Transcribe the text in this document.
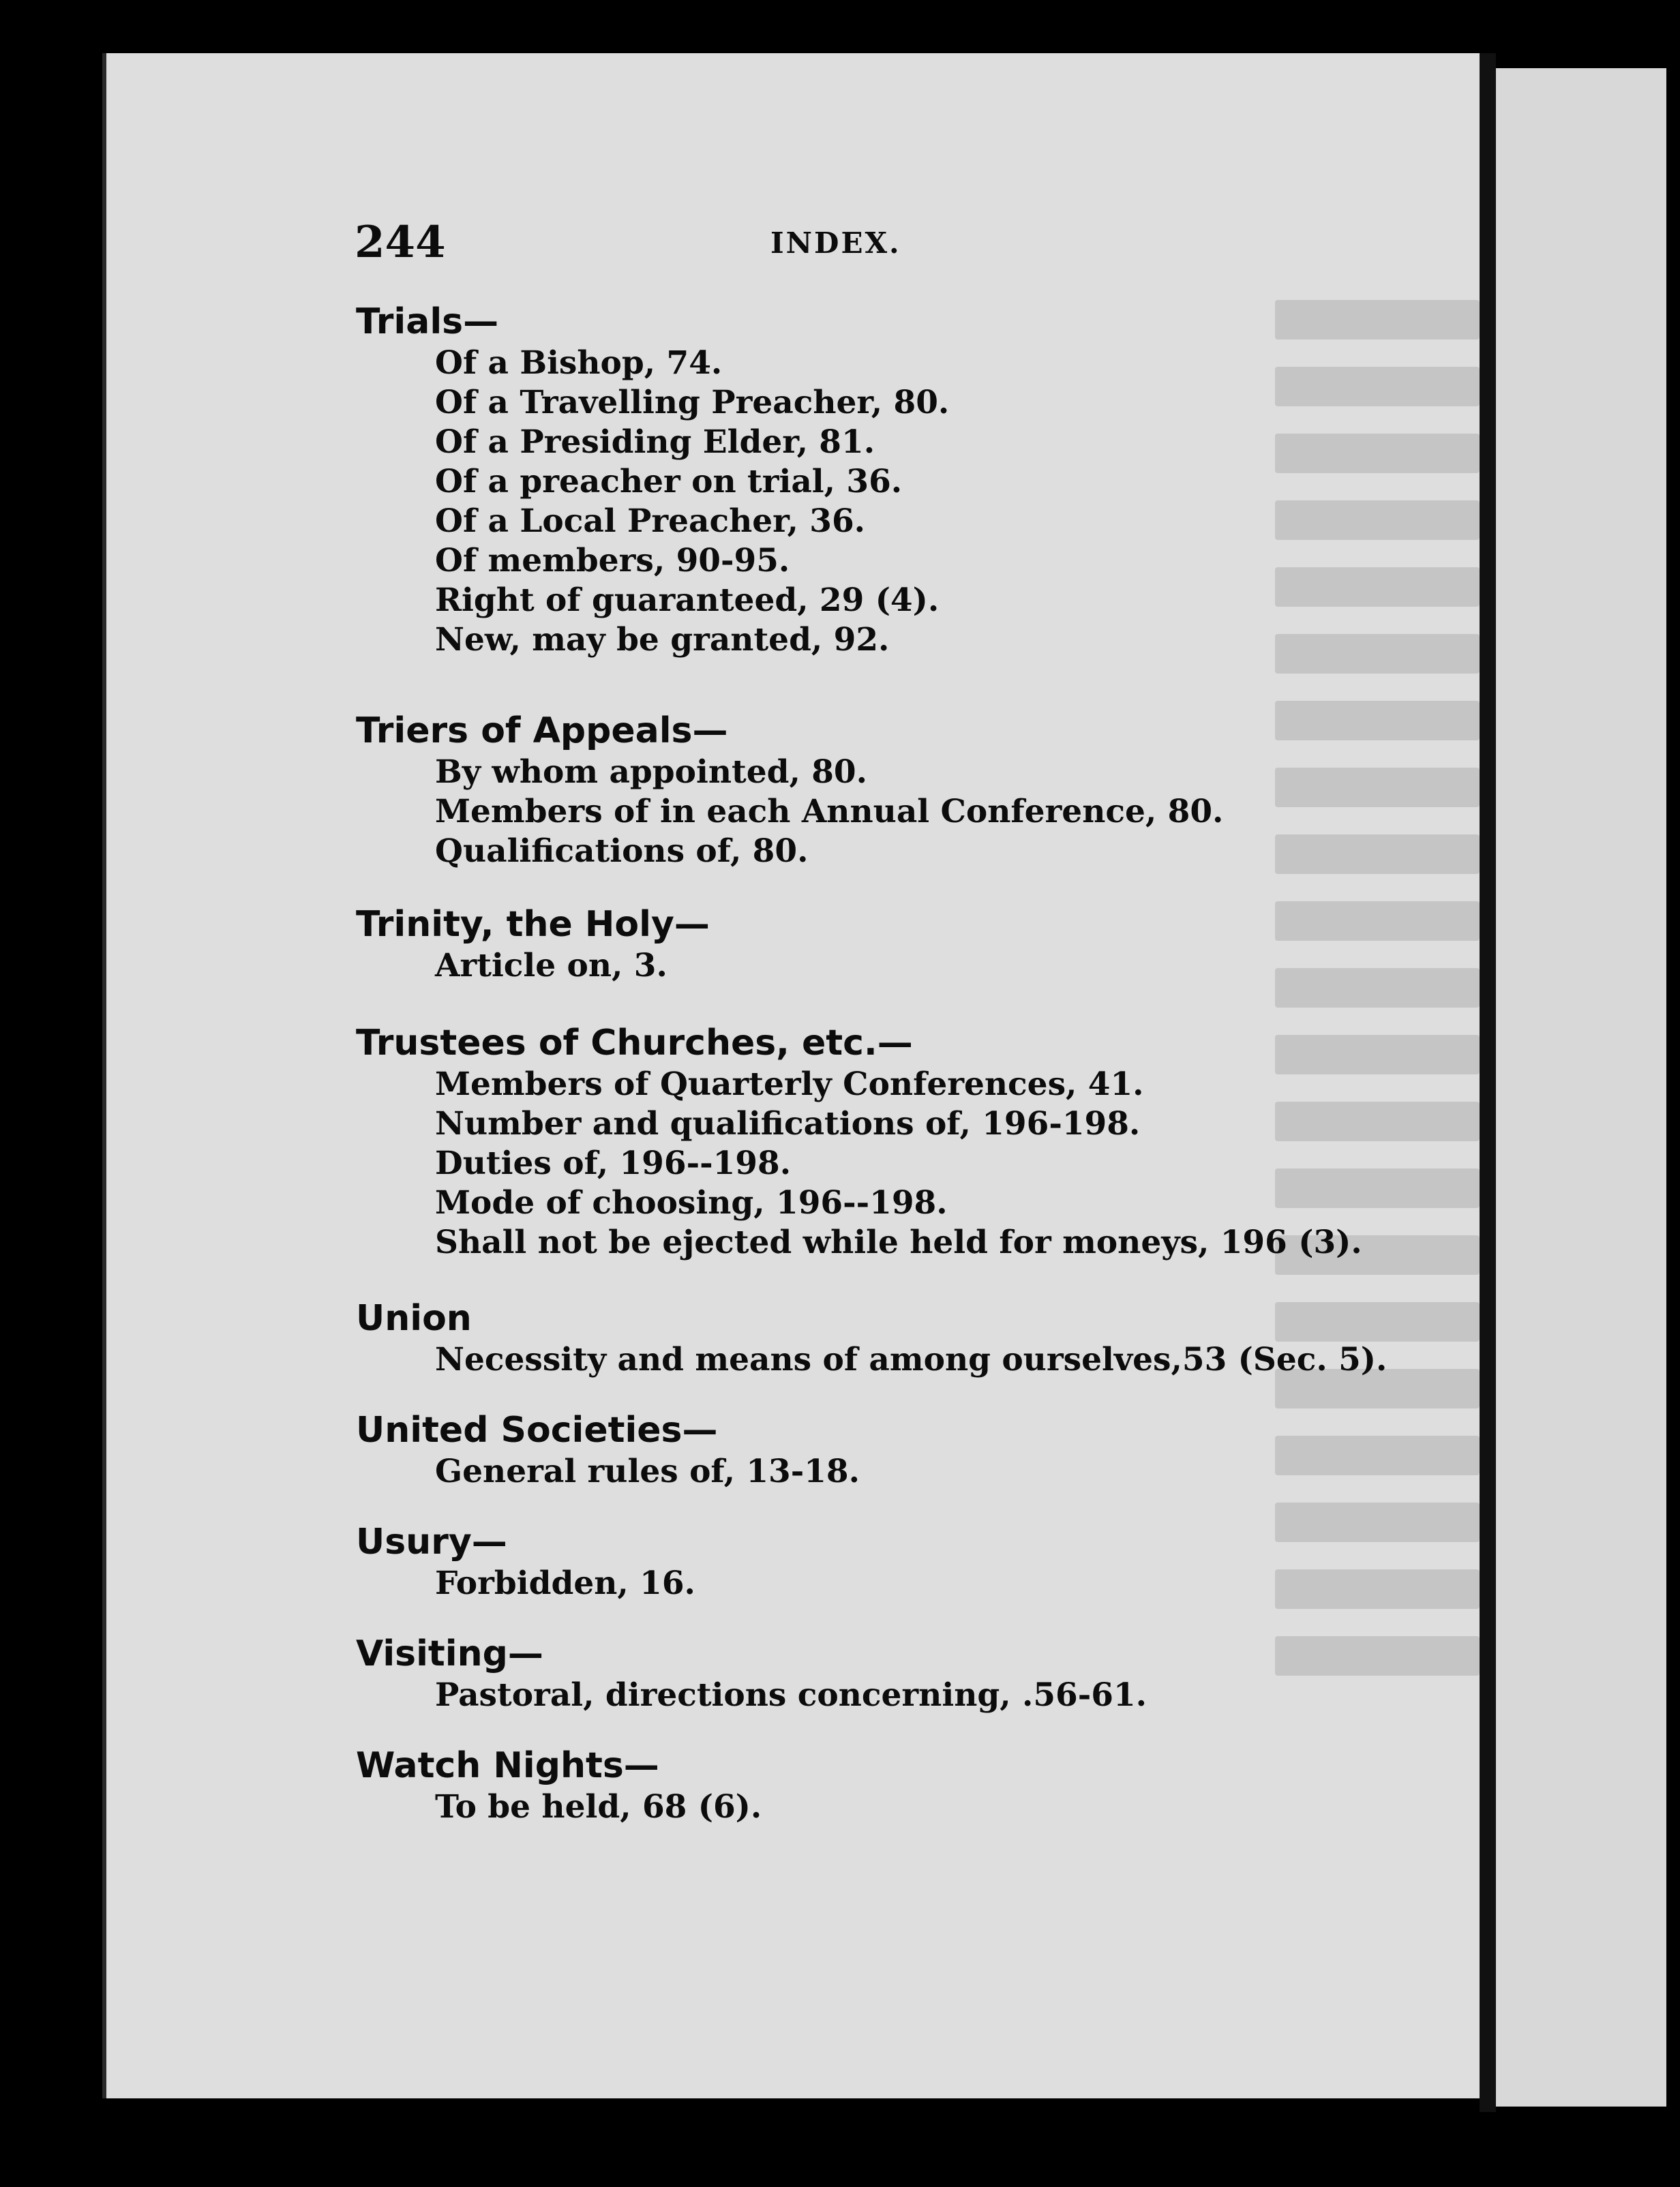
244	INDEX.
Trials—
Of a Bishop, 74.
Of a Travelling Preacher, 80.
Of a Presiding Elder, 81.
Of a preacher on trial, 36.
Of a Local Preacher, 36.
Of members, 90-95.
Right of guaranteed, 29 (4).
New, may be granted, 92.
Triers of Appeals—
By whom appointed, 80.
Members of in each Annual Conference, 80.
Qualifications of, 80.
Trinity, the Holy—
Article on, 3.
Trustees of Churches, etc.—
Members of Quarterly Conferences, 41.
Number and qualifications of, 196-198.
Duties of, 196--198.
Mode of choosing, 196--198.
Shall not be ejected while held for moneys, 196 (3).
Union
Necessity and means of among ourselves,53 (Sec. 5).
United Societies—
General rules of, 13-18.
Usury—
Forbidden, 16.
Visiting—
Pastoral, directions concerning, .56-61.
Watch Nights—
To be held, 68 (6).
